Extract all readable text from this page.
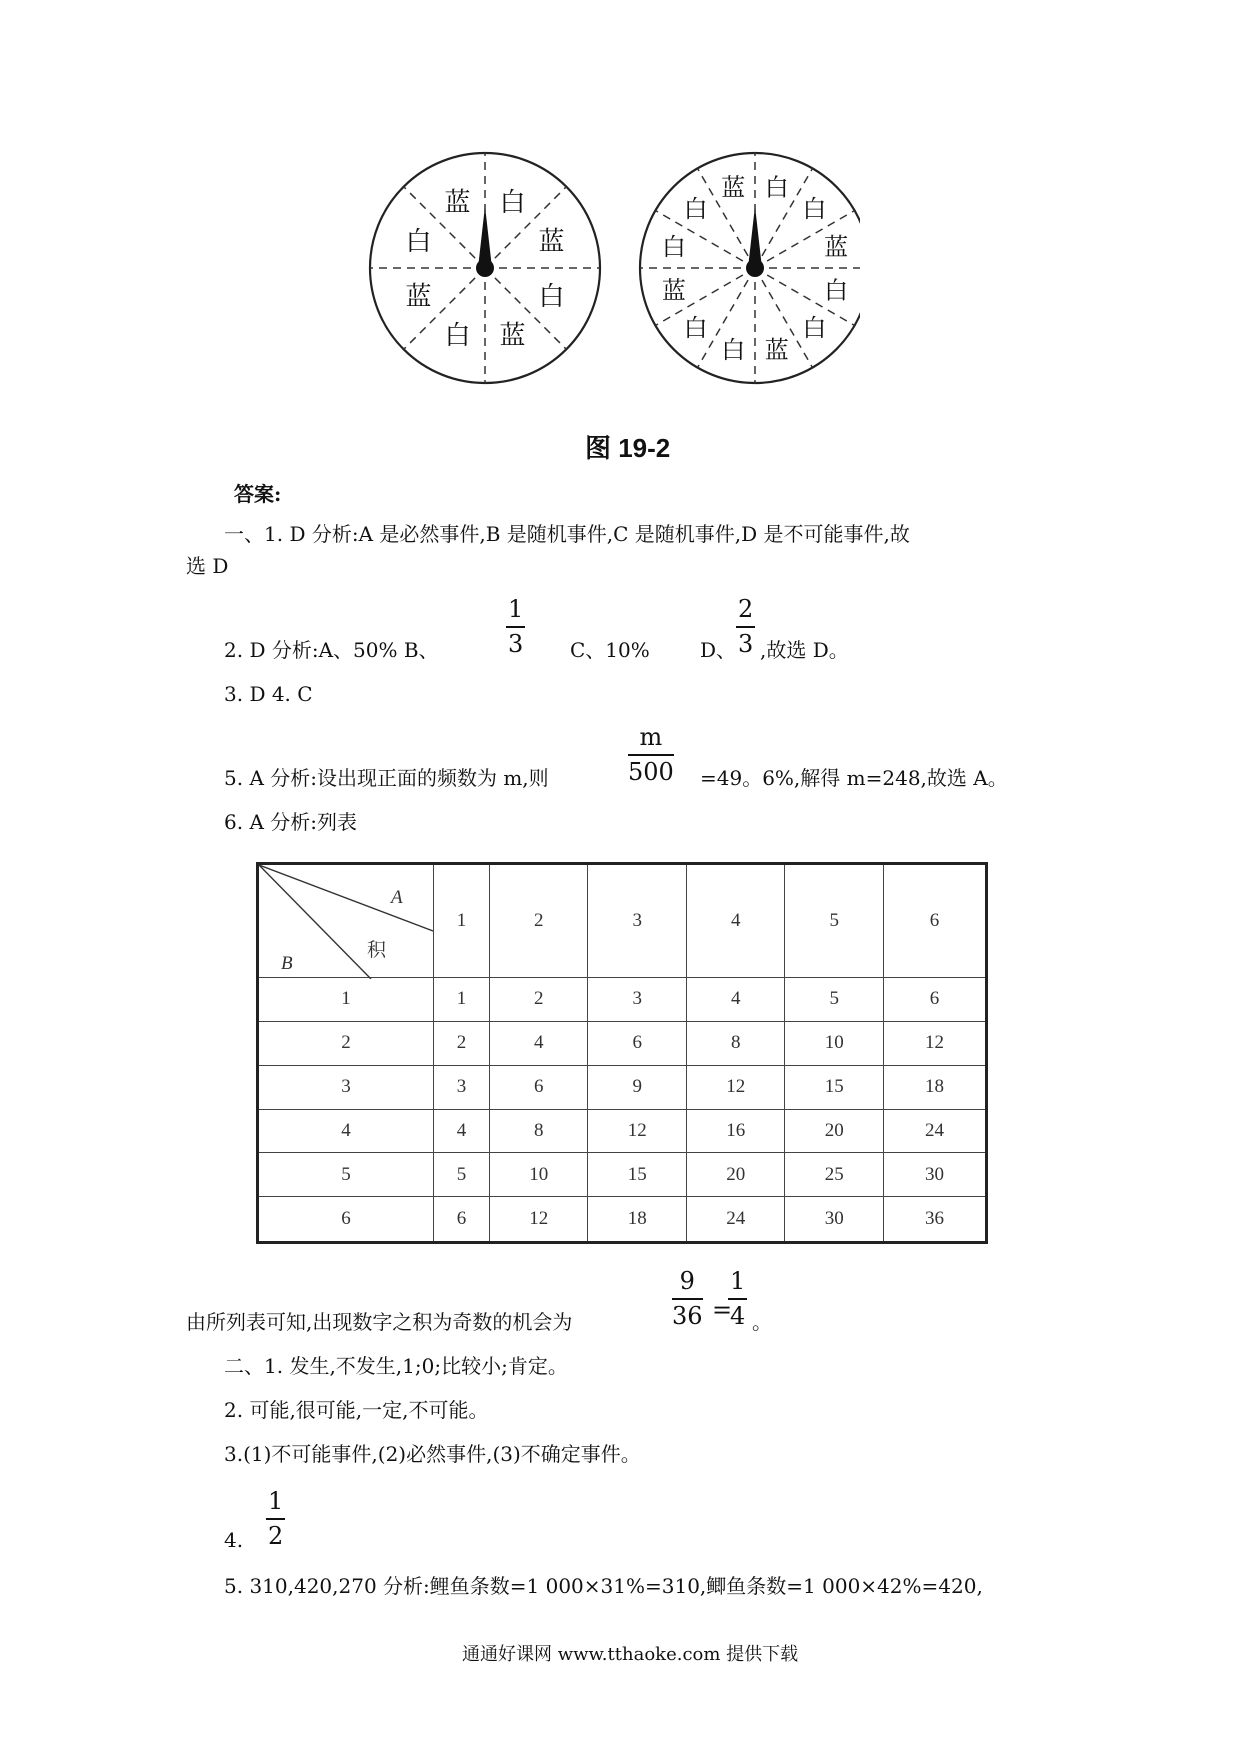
白
蓝
白
蓝
白
蓝
白
蓝
白
白
蓝
白
白
蓝
白
白
蓝
白
白
蓝
图 19-2
答案:
一、1. D 分析:A 是必然事件,B 是随机事件,C 是随机事件,D 是不可能事件,故
选 D
2. D 分析:A、50% B、	$\frac{1}{3}$ C、10%	D、 $\frac{2}{3}$ ,故选 D。
3. D 4. C
5. A 分析:设出现正面的频数为 m,则	$\frac{m}{500} =49$。6%,解得 m=248,故选 A。
6. A 分析:列表
A
积
B	1	2	3	4	5	6
1	1	2	3	4	5	6
2	2	4	6	8	10	12
3	3	6	9	12	15	18
4	4	8	12	16	20	24
5	5	10	15	20	25	30
6	6	12	18	24	30	36
由所列表可知,出现数字之积为奇数的机会为	$\frac{9}{36}$ =
$\frac{1}{4}$ 。
二、1. 发生,不发生,1;0;比较小;肯定。
2. 可能,很可能,一定,不可能。
3.(1)不可能事件,(2)必然事件,(3)不确定事件。
4. $\frac{1}{2}$
5. 310,420,270 分析:鲤鱼条数=1 000×31%=310,鲫鱼条数=1 000×42%=420,
通通好课网 www.tthaoke.com 提供下载
